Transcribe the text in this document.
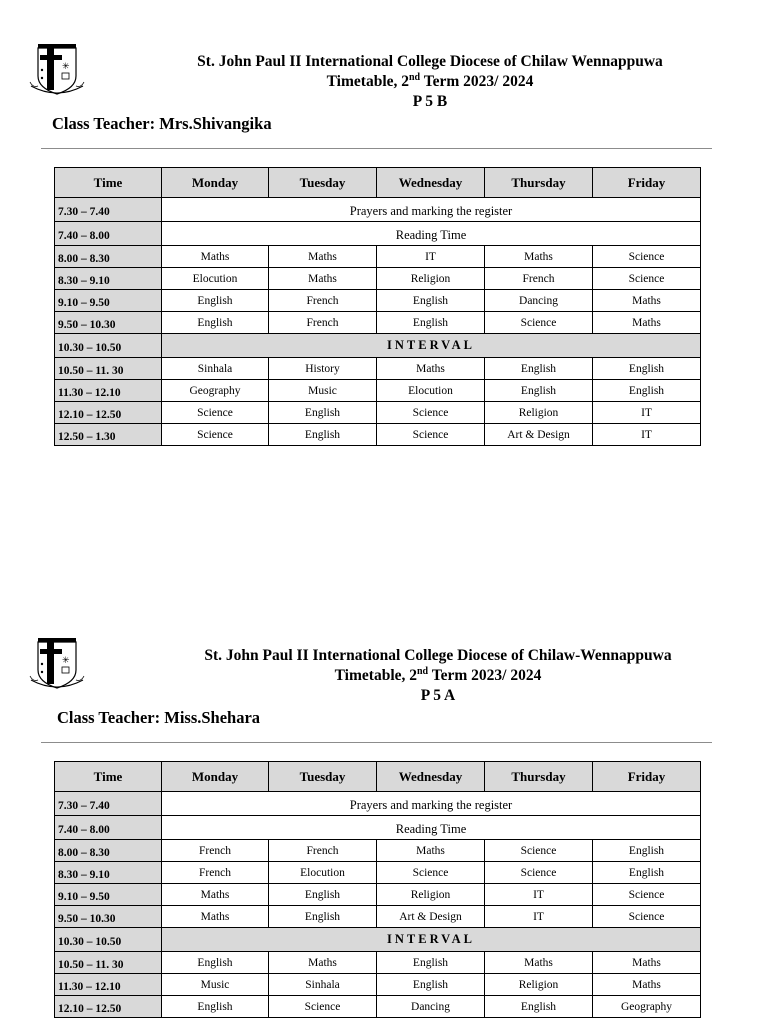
✳	St. John Paul II International College Diocese of Chilaw Wennappuwa
Timetable, 2nd Term 2023/ 2024
P 5 B
Class Teacher: Mrs.Shivangika
Time	Monday	Tuesday	Wednesday	Thursday	Friday
7.30 – 7.40	Prayers and marking the register				
7.40 – 8.00	Reading Time				
8.00 – 8.30	Maths	Maths	IT	Maths	Science
8.30 – 9.10	Elocution	Maths	Religion	French	Science
9.10 – 9.50	English	French	English	Dancing	Maths
9.50 – 10.30	English	French	English	Science	Maths
10.30 – 10.50	INTERVAL				
10.50 – 11. 30	Sinhala	History	Maths	English	English
11.30 – 12.10	Geography	Music	Elocution	English	English
12.10 – 12.50	Science	English	Science	Religion	IT
12.50 – 1.30	Science	English	Science	Art & Design	IT
✳	St. John Paul II International College Diocese of Chilaw-Wennappuwa
Timetable, 2nd Term 2023/ 2024
P 5 A
Class Teacher: Miss.Shehara
Time	Monday	Tuesday	Wednesday	Thursday	Friday
7.30 – 7.40	Prayers and marking the register				
7.40 – 8.00	Reading Time				
8.00 – 8.30	French	French	Maths	Science	English
8.30 – 9.10	French	Elocution	Science	Science	English
9.10 – 9.50	Maths	English	Religion	IT	Science
9.50 – 10.30	Maths	English	Art & Design	IT	Science
10.30 – 10.50	INTERVAL				
10.50 – 11. 30	English	Maths	English	Maths	Maths
11.30 – 12.10	Music	Sinhala	English	Religion	Maths
12.10 – 12.50	English	Science	Dancing	English	Geography
